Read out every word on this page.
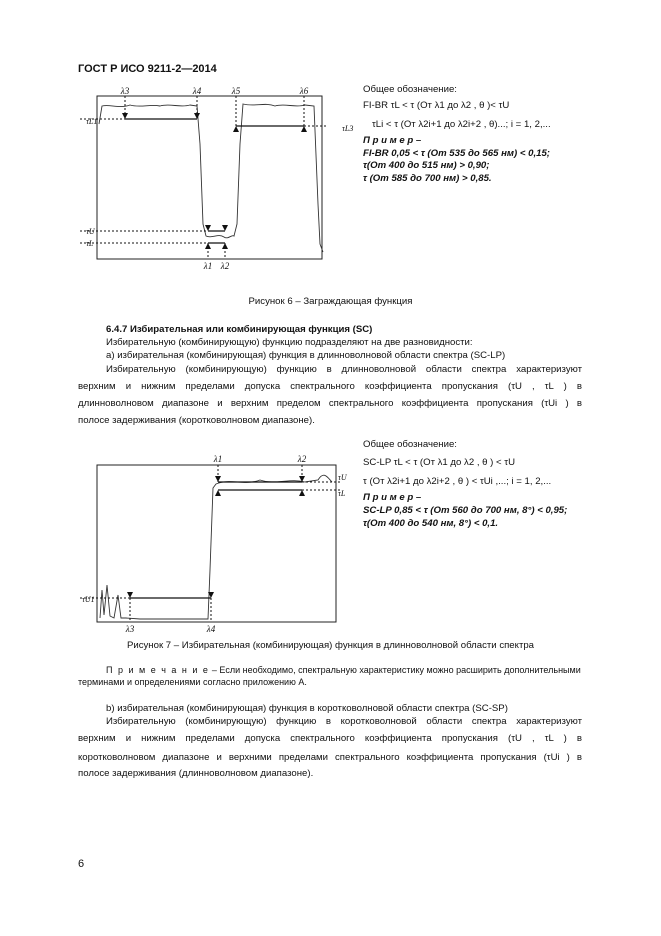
ГОСТ Р ИСО 9211-2—2014
λ3	λ4	λ5	λ6
λ1 λ2
τL1
τL3
τU
τL
Общее обозначение:
FI-BR τL < τ (От λ1 до λ2 , θ )< τU
τLi < τ (От λ2i+1 до λ2i+2 , θ)...; i = 1, 2,...
П р и м е р –
FI-BR 0,05 < τ (От 535 до 565 нм) < 0,15;
τ(От 400 до 515 нм) > 0,90;
τ (От 585 до 700 нм) > 0,85.
Рисунок 6 – Заграждающая функция
6.4.7 Избирательная или комбинирующая функция (SC)
Избирательную (комбинирующую) функцию подразделяют на две разновидности:
а) избирательная (комбинирующая) функция в длинноволновой области спектра (SC-LP)
Избирательную (комбинирующую) функцию в длинноволновой области спектра характеризуют
верхним и нижним пределами допуска спектрального коэффициента пропускания (τU , τL ) в
длинноволновом диапазоне и верхним пределом спектрального коэффициента пропускания (τUi ) в
полосе задерживания (коротковолновом диапазоне).
λ1	λ2
λ3	λ4
τU
τL
τU1
Общее обозначение:
SC-LP τL < τ (От λ1 до λ2 , θ ) < τU
τ (От λ2i+1 до λ2i+2 , θ ) < τUi ,...; i = 1, 2,...
П р и м е р –
SC-LP 0,85 < τ (От 560 до 700 нм, 8°) < 0,95;
τ(От 400 до 540 нм, 8°) < 0,1.
Рисунок 7 – Избирательная (комбинирующая) функция в длинноволновой области спектра
П р и м е ч а н и е – Если необходимо, спектральную характеристику можно расширить дополнительными
терминами и определениями согласно приложению А.
b) избирательная (комбинирующая) функция в коротковолновой области спектра (SC-SP)
Избирательную (комбинирующую) функцию в коротковолновой области спектра характеризуют
верхним и нижним пределами допуска спектрального коэффициента пропускания (τU , τL ) в
коротковолновом диапазоне и верхними пределами спектрального коэффициента пропускания (τUi ) в
полосе задерживания (длинноволновом диапазоне).
6
